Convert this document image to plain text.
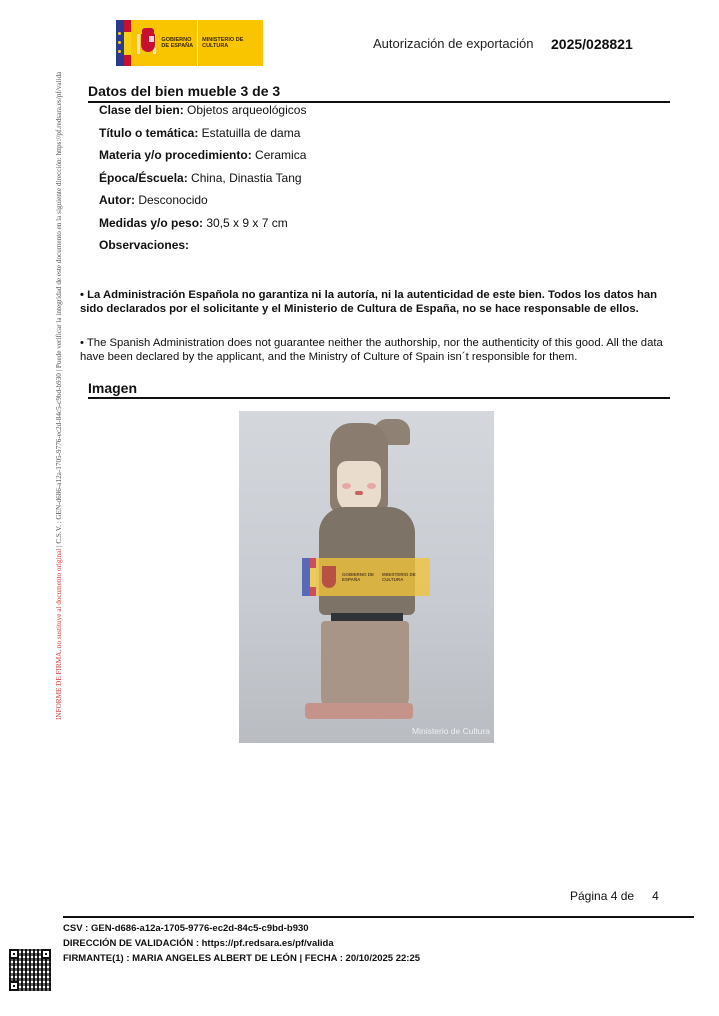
GOBIERNO DE ESPAÑA
MINISTERIO DE CULTURA	Autorización de exportación 2025/028821
INFORME DE FIRMA, no sustituye al documento original | C.S.V. : GEN-d686-a12a-1705-9776-ec2d-84c5-c9bd-b930 | Puede verificar la integridad de este documento en la siguiente dirección: https://pf.redsara.es/pf/valida Datos del bien mueble 3 de 3
Clase del bien: Objetos arqueológicos
Título o temática: Estatuilla de dama
Materia y/o procedimiento: Ceramica
Época/Éscuela: China, Dinastia Tang
Autor: Desconocido
Medidas y/o peso: 30,5 x 9 x 7 cm
Observaciones:
• La Administración Española no garantiza ni la autoría, ni la autenticidad de este bien. Todos los datos han sido declarados por el solicitante y el Ministerio de Cultura de España, no se hace responsable de ellos.
• The Spanish Administration does not guarantee neither the authorship, nor the authenticity of this good. All the data have been declared by the applicant, and the Ministry of Culture of Spain isn´t responsible for them.
Imagen
GOBIERNO DE ESPAÑA
MINISTERIO DE CULTURA
Ministerio de Cultura
Página 4 de 4
CSV : GEN-d686-a12a-1705-9776-ec2d-84c5-c9bd-b930
DIRECCIÓN DE VALIDACIÓN : https://pf.redsara.es/pf/valida
FIRMANTE(1) : MARIA ANGELES ALBERT DE LEÓN | FECHA : 20/10/2025 22:25
